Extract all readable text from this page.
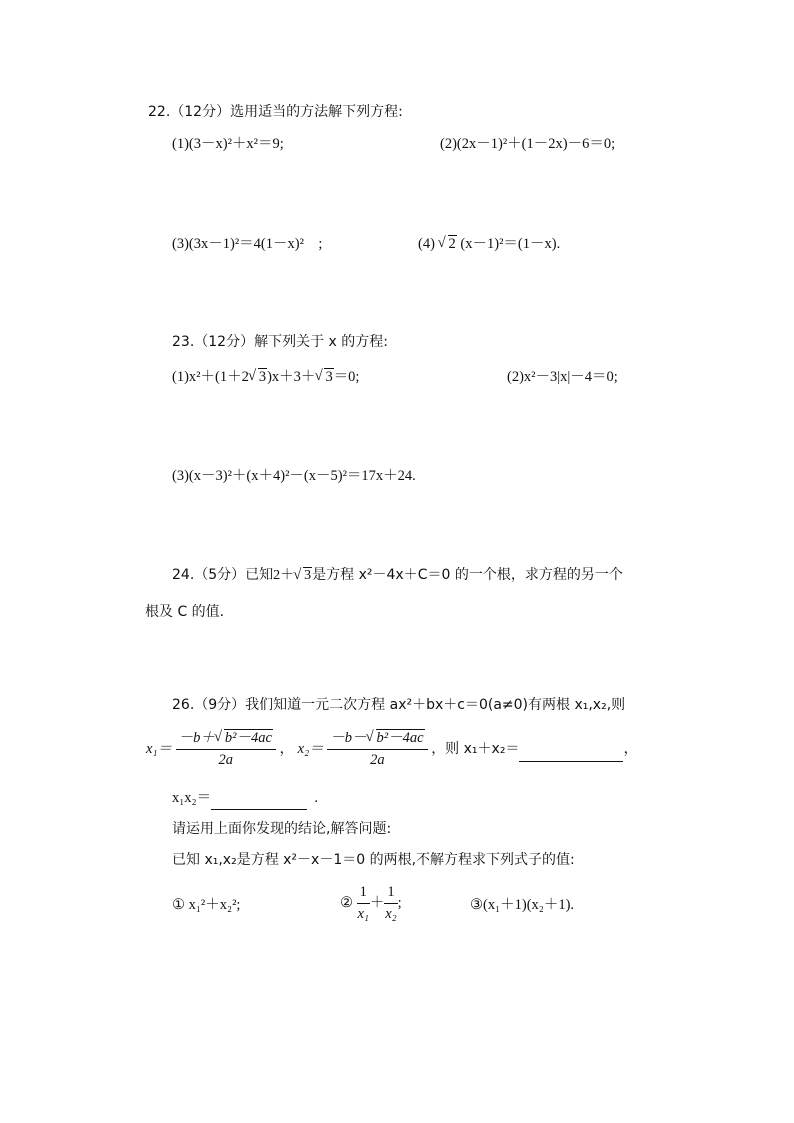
22.（12分）选用适当的方法解下列方程:
(1)(3－x)²＋x²＝9;	(2)(2x－1)²＋(1－2x)－6＝0;
(3)(3x－1)²＝4(1－x)²　;	(4) √ 2 (x－1)²＝(1－x).
23.（12分）解下列关于 x 的方程:
(1)x²＋(1＋2 √ 3)x＋3＋ √ 3＝0;	(2)x²－3|x|－4＝0;
(3)(x－3)²＋(x＋4)²－(x－5)²＝17x＋24.
24.（5分）已知2＋ √ 3是方程 x²－4x＋C＝0 的一个根，求方程的另一个
根及 C 的值.
26.（9分）我们知道一元二次方程 ax²＋bx＋c＝0(a≠0)有两根 x₁,x₂,则
$x_1= \frac{\text{－b＋ √ b²－4ac}}{2a}$ ， $x_2= \frac{\text{－b－ √ b²－4ac}}{2a}$ ，则 x₁＋x₂＝	，
x₁x₂＝	.
请运用上面你发现的结论,解答问题:
已知 x₁,x₂是方程 x²－x－1＝0 的两根,不解方程求下列式子的值:
① x₁²＋x₂²;	② $\frac{1}{\text{x₁}} + \frac{1}{\text{x₂}}$ ;	③(x₁＋1)(x₂＋1).
